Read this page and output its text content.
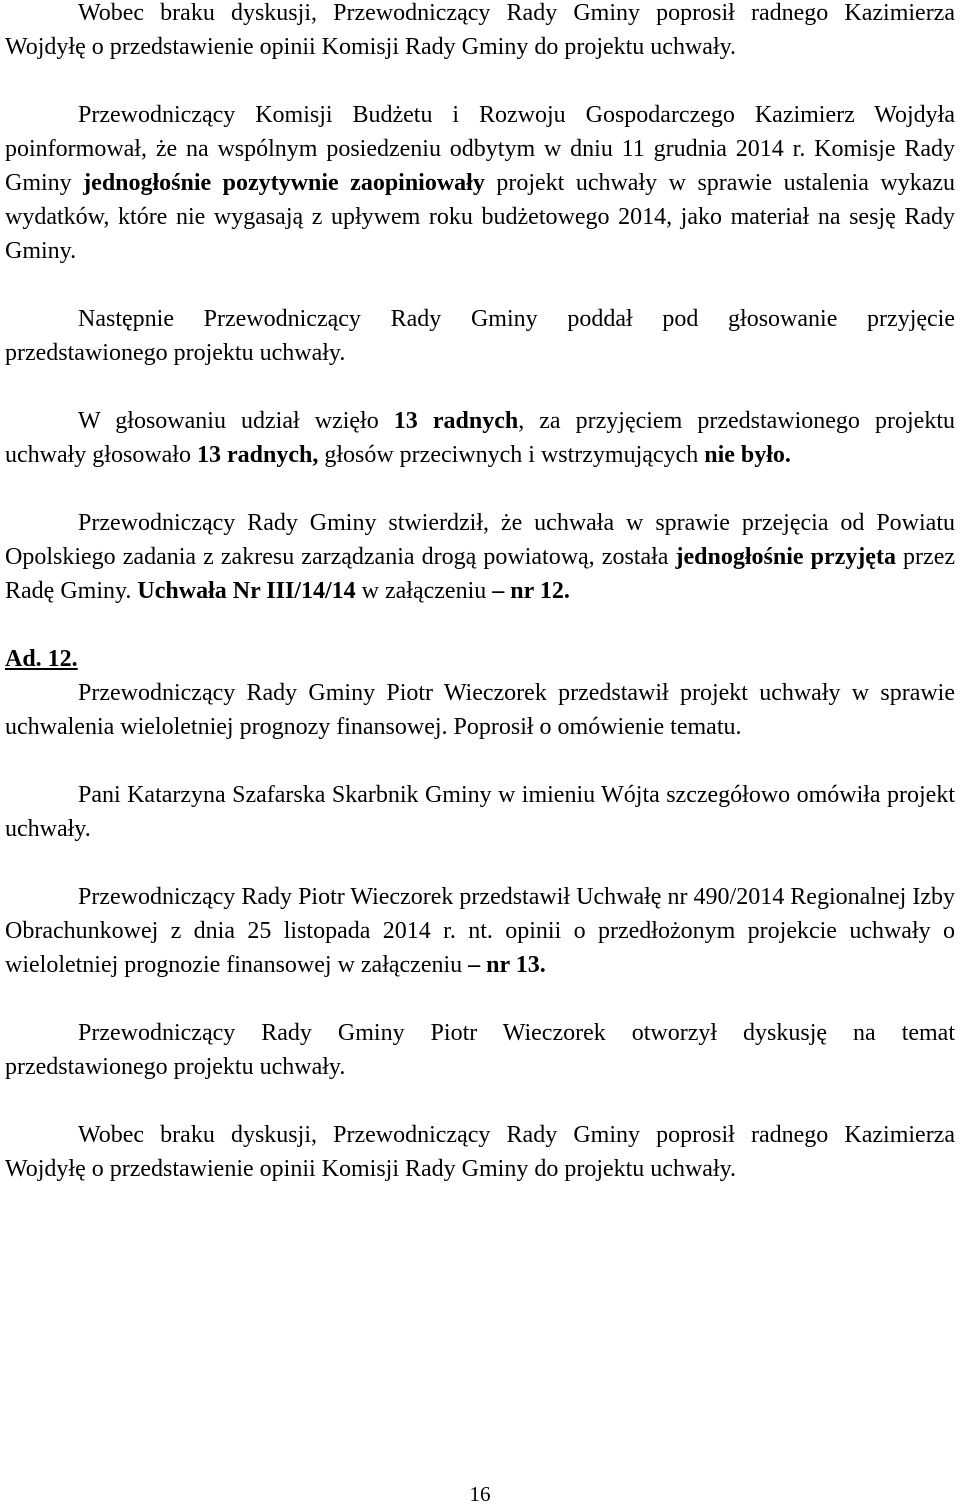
Wobec braku dyskusji, Przewodniczący Rady Gminy poprosił radnego Kazimierza Wojdyłę o przedstawienie opinii Komisji Rady Gminy do projektu uchwały.

Przewodniczący Komisji Budżetu i Rozwoju Gospodarczego Kazimierz Wojdyła poinformował, że na wspólnym posiedzeniu odbytym w dniu 11 grudnia 2014 r. Komisje Rady Gminy jednogłośnie pozytywnie zaopiniowały projekt uchwały w sprawie ustalenia wykazu wydatków, które nie wygasają z upływem roku budżetowego 2014, jako materiał na sesję Rady Gminy.

Następnie Przewodniczący Rady Gminy poddał pod głosowanie przyjęcie przedstawionego projektu uchwały.

W głosowaniu udział wzięło 13 radnych, za przyjęciem przedstawionego projektu uchwały głosowało 13 radnych, głosów przeciwnych i wstrzymujących nie było.

Przewodniczący Rady Gminy stwierdził, że uchwała w sprawie przejęcia od Powiatu Opolskiego zadania z zakresu zarządzania drogą powiatową, została jednogłośnie przyjęta przez Radę Gminy. Uchwała Nr III/14/14 w załączeniu – nr 12.

Ad. 12.

Przewodniczący Rady Gminy Piotr Wieczorek przedstawił projekt uchwały w sprawie uchwalenia wieloletniej prognozy finansowej. Poprosił o omówienie tematu.

Pani Katarzyna Szafarska Skarbnik Gminy w imieniu Wójta szczegółowo omówiła projekt uchwały.

Przewodniczący Rady Piotr Wieczorek przedstawił Uchwałę nr 490/2014 Regionalnej Izby Obrachunkowej z dnia 25 listopada 2014 r. nt. opinii o przedłożonym projekcie uchwały o wieloletniej prognozie finansowej w załączeniu – nr 13.

Przewodniczący Rady Gminy Piotr Wieczorek otworzył dyskusję na temat przedstawionego projektu uchwały.

Wobec braku dyskusji, Przewodniczący Rady Gminy poprosił radnego Kazimierza Wojdyłę o przedstawienie opinii Komisji Rady Gminy do projektu uchwały.

16
